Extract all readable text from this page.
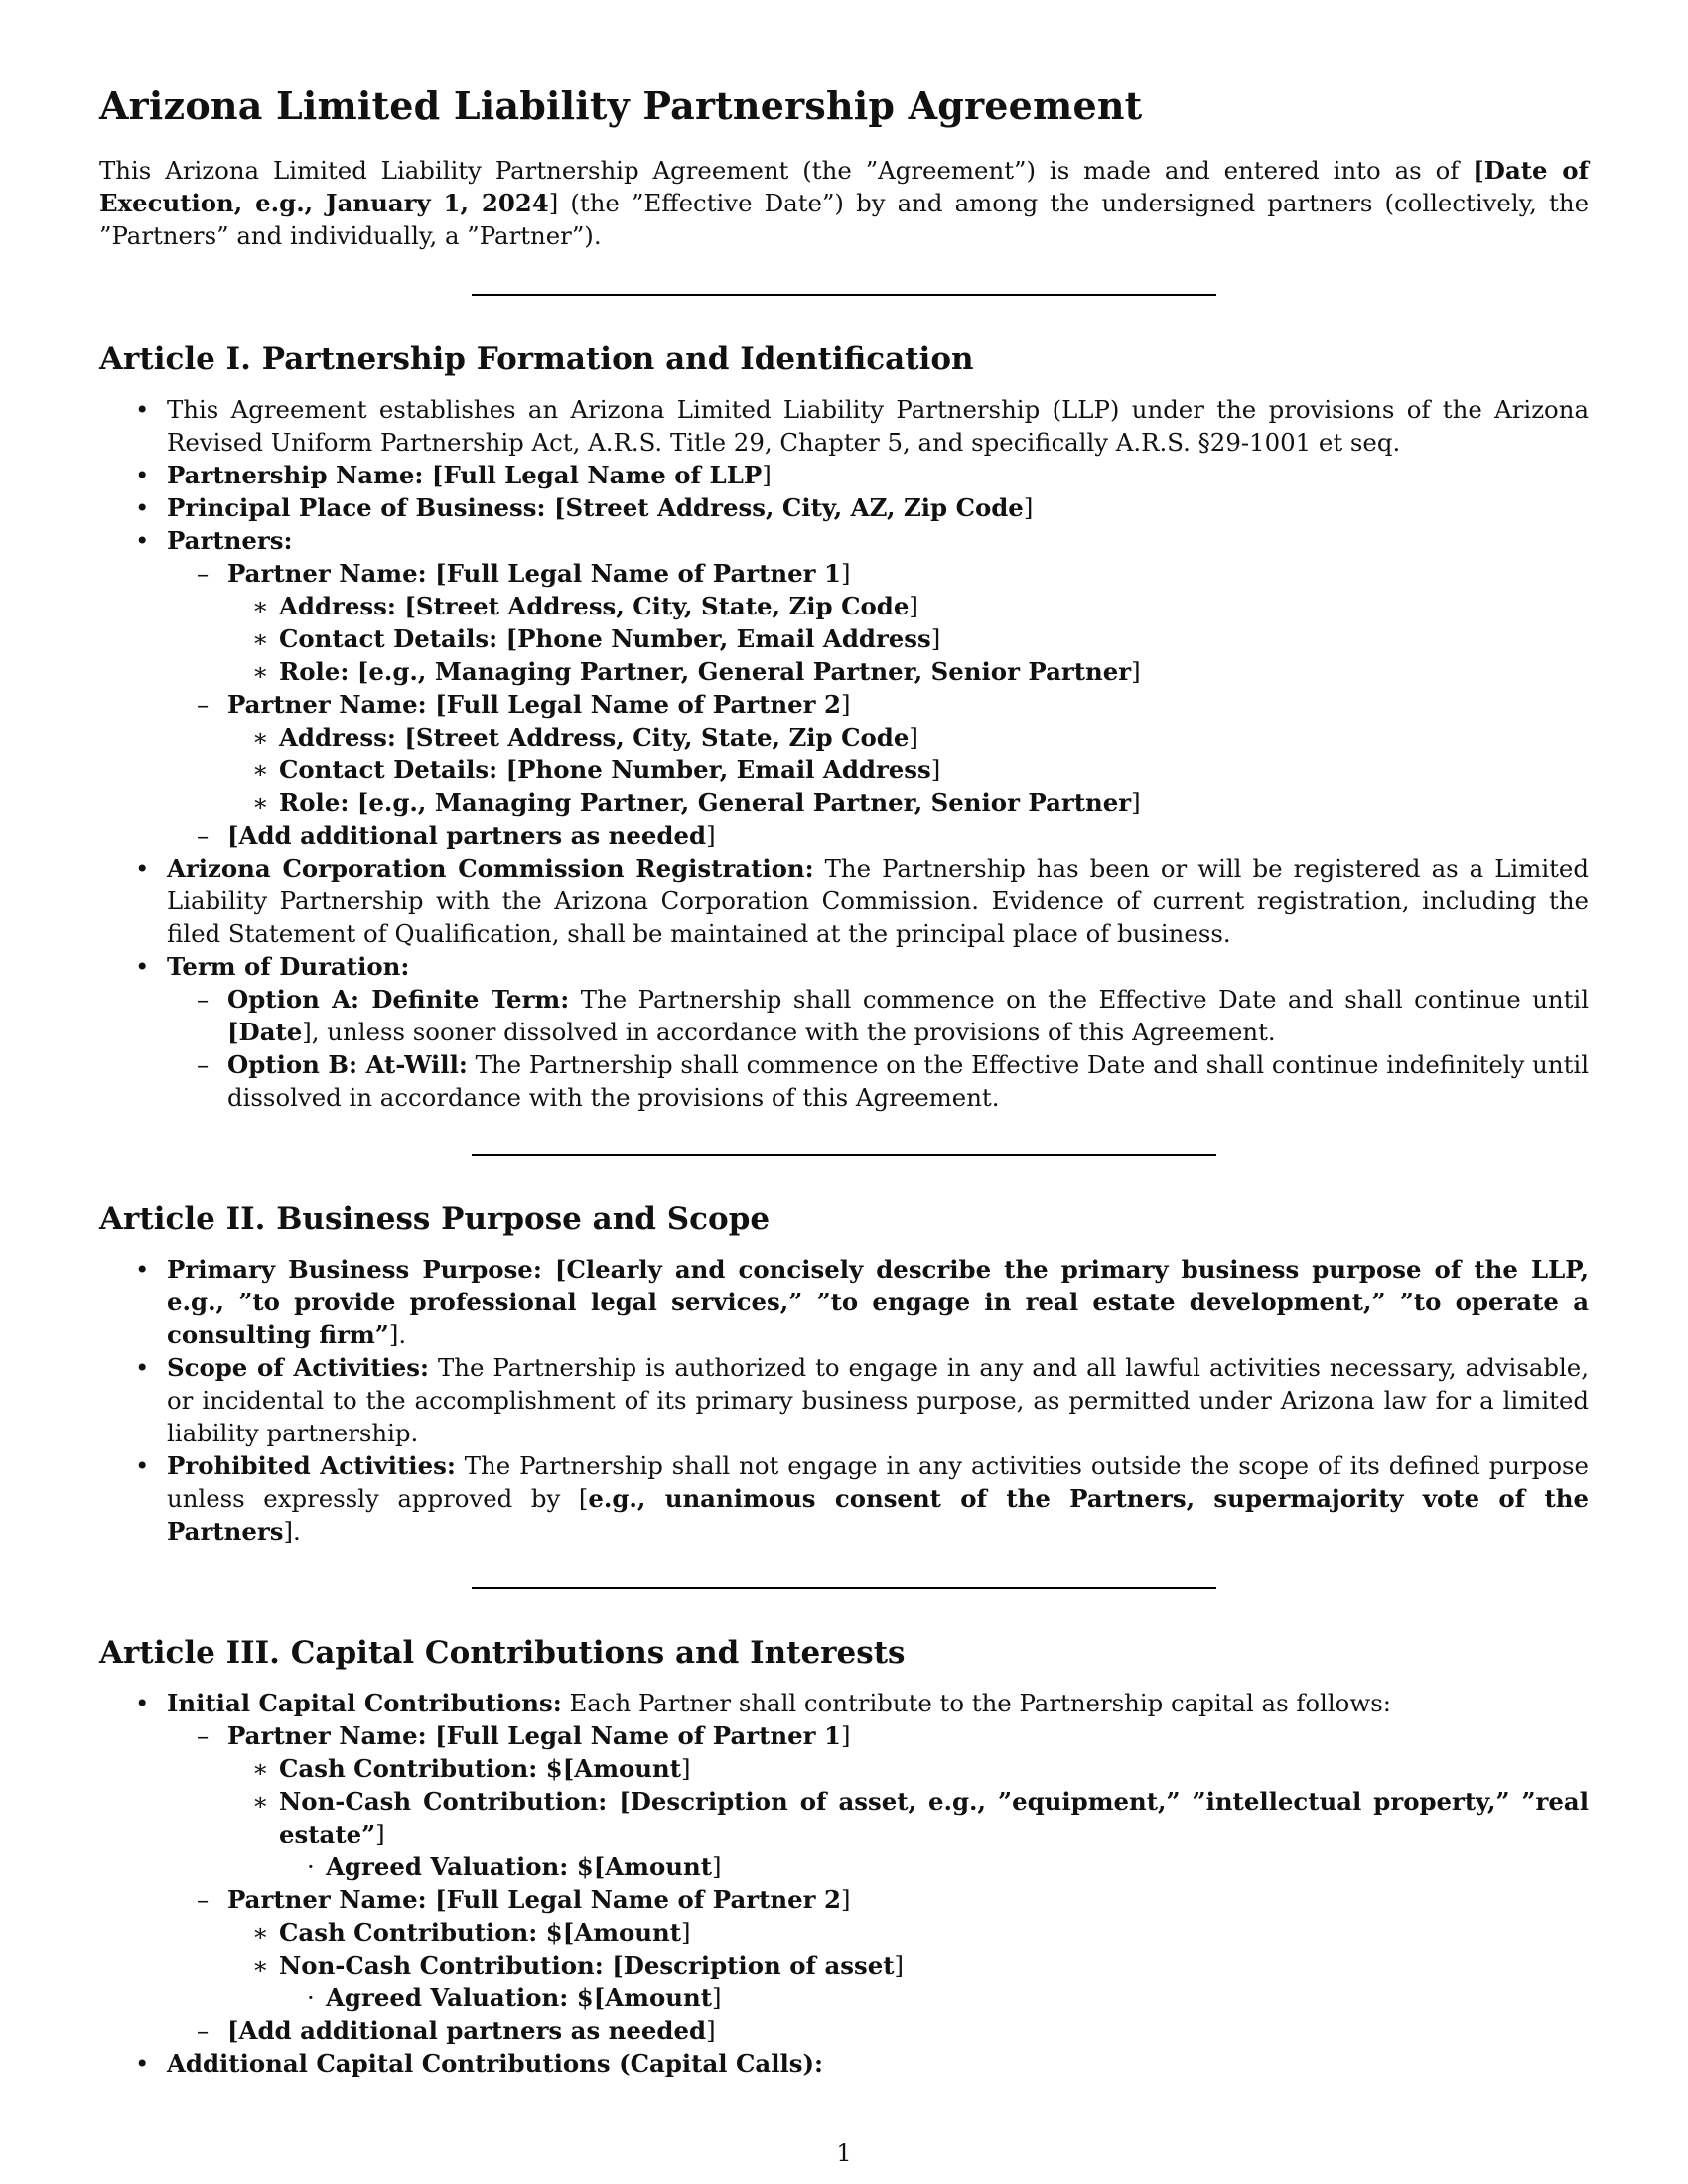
Arizona Limited Liability Partnership Agreement

This Arizona Limited Liability Partnership Agreement (the ”Agreement”) is made and entered into as of [Date of Execution, e.g., January 1, 2024] (the ”Effective Date”) by and among the undersigned partners (collectively, the ”Partners” and individually, a ”Partner”).

Article I. Partnership Formation and Identification
• This Agreement establishes an Arizona Limited Liability Partnership (LLP) under the provisions of the Arizona Revised Uniform Partnership Act, A.R.S. Title 29, Chapter 5, and specifically A.R.S. §29-1001 et seq.
• Partnership Name: [Full Legal Name of LLP]
• Principal Place of Business: [Street Address, City, AZ, Zip Code]
• Partners:
– Partner Name: [Full Legal Name of Partner 1]
∗ Address: [Street Address, City, State, Zip Code]
∗ Contact Details: [Phone Number, Email Address]
∗ Role: [e.g., Managing Partner, General Partner, Senior Partner]
– Partner Name: [Full Legal Name of Partner 2]
∗ Address: [Street Address, City, State, Zip Code]
∗ Contact Details: [Phone Number, Email Address]
∗ Role: [e.g., Managing Partner, General Partner, Senior Partner]
– [Add additional partners as needed]
• Arizona Corporation Commission Registration: The Partnership has been or will be registered as a Limited Liability Partnership with the Arizona Corporation Commission. Evidence of current registration, including the filed Statement of Qualification, shall be maintained at the principal place of business.
• Term of Duration:
– Option A: Definite Term: The Partnership shall commence on the Effective Date and shall continue until [Date], unless sooner dissolved in accordance with the provisions of this Agreement.
– Option B: At-Will: The Partnership shall commence on the Effective Date and shall continue indefinitely until dissolved in accordance with the provisions of this Agreement.
Article II. Business Purpose and Scope
• Primary Business Purpose: [Clearly and concisely describe the primary business purpose of the LLP, e.g., ”to provide professional legal services,” ”to engage in real estate development,” ”to operate a consulting firm”].
• Scope of Activities: The Partnership is authorized to engage in any and all lawful activities necessary, advisable, or incidental to the accomplishment of its primary business purpose, as permitted under Arizona law for a limited liability partnership.
• Prohibited Activities: The Partnership shall not engage in any activities outside the scope of its defined purpose unless expressly approved by [e.g., unanimous consent of the Partners, supermajority vote of the Partners].
Article III. Capital Contributions and Interests
• Initial Capital Contributions: Each Partner shall contribute to the Partnership capital as follows:
– Partner Name: [Full Legal Name of Partner 1]
∗ Cash Contribution: $[Amount]
∗ Non-Cash Contribution: [Description of asset, e.g., ”equipment,” ”intellectual property,” ”real estate”]
· Agreed Valuation: $[Amount]
– Partner Name: [Full Legal Name of Partner 2]
∗ Cash Contribution: $[Amount]
∗ Non-Cash Contribution: [Description of asset]
· Agreed Valuation: $[Amount]
– [Add additional partners as needed]
• Additional Capital Contributions (Capital Calls):
1
